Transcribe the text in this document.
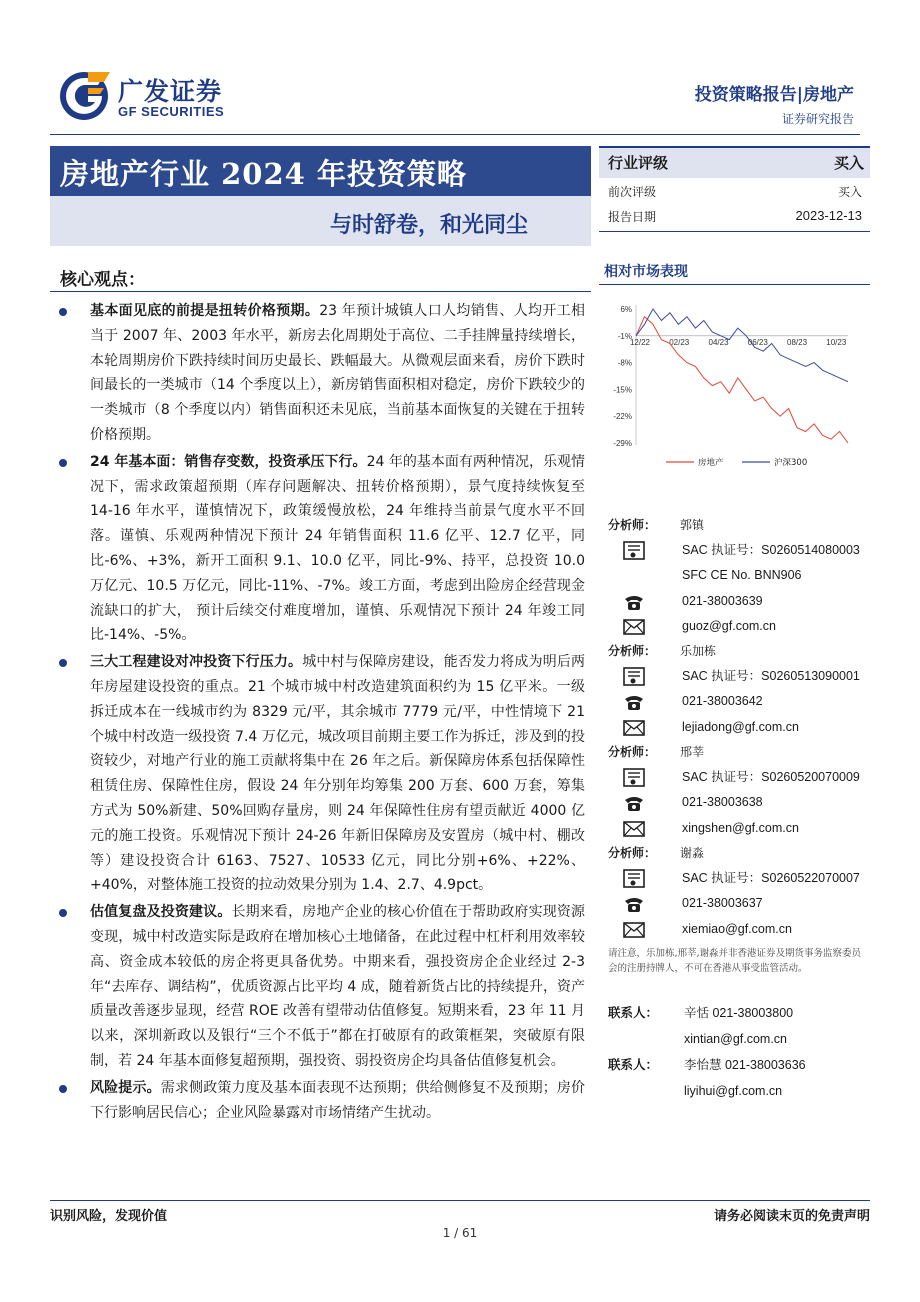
广发证券
GF SECURITIES
投资策略报告|房地产
证券研究报告
房地产行业 2024 年投资策略
与时舒卷，和光同尘
行业评级	买入
前次评级	买入
报告日期	2023-12-13
核心观点：
基本面见底的前提是扭转价格预期。23 年预计城镇人口人均销售、人均开工相当于 2007 年、2003 年水平，新房去化周期处于高位、二手挂牌量持续增长，本轮周期房价下跌持续时间历史最长、跌幅最大。从微观层面来看，房价下跌时间最长的一类城市（14 个季度以上），新房销售面积相对稳定，房价下跌较少的一类城市（8 个季度以内）销售面积还未见底，当前基本面恢复的关键在于扭转价格预期。
24 年基本面：销售存变数，投资承压下行。24 年的基本面有两种情况，乐观情况下，需求政策超预期（库存问题解决、扭转价格预期），景气度持续恢复至 14-16 年水平，谨慎情况下，政策缓慢放松，24 年维持当前景气度水平不回落。谨慎、乐观两种情况下预计 24 年销售面积 11.6 亿平、12.7 亿平，同比-6%、+3%，新开工面积 9.1、10.0 亿平，同比-9%、持平，总投资 10.0 万亿元、10.5 万亿元，同比-11%、-7%。竣工方面，考虑到出险房企经营现金流缺口的扩大， 预计后续交付难度增加，谨慎、乐观情况下预计 24 年竣工同比-14%、-5%。
三大工程建设对冲投资下行压力。城中村与保障房建设，能否发力将成为明后两年房屋建设投资的重点。21 个城市城中村改造建筑面积约为 15 亿平米。一级拆迁成本在一线城市约为 8329 元/平，其余城市 7779 元/平，中性情境下 21 个城中村改造一级投资 7.4 万亿元，城改项目前期主要工作为拆迁，涉及到的投资较少，对地产行业的施工贡献将集中在 26 年之后。新保障房体系包括保障性租赁住房、保障性住房，假设 24 年分别年均筹集 200 万套、600 万套，筹集方式为 50%新建、50%回购存量房，则 24 年保障性住房有望贡献近 4000 亿元的施工投资。乐观情况下预计 24-26 年新旧保障房及安置房（城中村、棚改等）建设投资合计 6163、7527、10533 亿元，同比分别+6%、+22%、+40%，对整体施工投资的拉动效果分别为 1.4、2.7、4.9pct。
估值复盘及投资建议。长期来看，房地产企业的核心价值在于帮助政府实现资源变现，城中村改造实际是政府在增加核心土地储备，在此过程中杠杆利用效率较高、资金成本较低的房企将更具备优势。中期来看，强投资房企企业经过 2-3 年“去库存、调结构”，优质资源占比平均 4 成，随着新货占比的持续提升，资产质量改善逐步显现，经营 ROE 改善有望带动估值修复。短期来看，23 年 11 月以来，深圳新政以及银行“三个不低于”都在打破原有的政策框架，突破原有限制，若 24 年基本面修复超预期，强投资、弱投资房企均具备估值修复机会。
风险提示。需求侧政策力度及基本面表现不达预期；供给侧修复不及预期；房价下行影响居民信心；企业风险暴露对市场情绪产生扰动。
相对市场表现
6%
-1%
-8%
-15%
-22%
-29%
12/22 02/23 04/23 06/23 08/23 10/23
房地产	沪深300
分析师： 郭镇
SAC 执证号：S0260514080003
SFC CE No. BNN906
021-38003639
guoz@gf.com.cn
分析师： 乐加栋
SAC 执证号：S0260513090001
021-38003642
lejiadong@gf.com.cn
分析师： 邢莘
SAC 执证号：S0260520070009
021-38003638
xingshen@gf.com.cn
分析师： 谢淼
SAC 执证号：S0260522070007
021-38003637
xiemiao@gf.com.cn
请注意，乐加栋,邢莘,谢淼并非香港证券及期货事务监察委员会的注册持牌人，不可在香港从事受监管活动。
联系人： 辛恬 021-38003800
xintian@gf.com.cn
联系人： 李怡慧 021-38003636
liyihui@gf.com.cn
识别风险，发现价值	请务必阅读末页的免责声明
1 / 61
